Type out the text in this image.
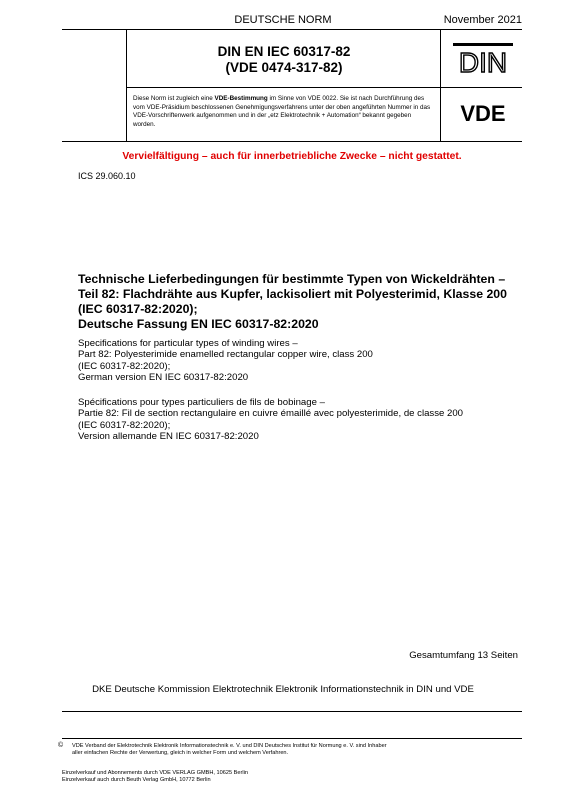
DEUTSCHE NORM	November 2021
DIN EN IEC 60317-82
(VDE 0474-317-82)	DIN
Diese Norm ist zugleich eine VDE-Bestimmung im Sinne von VDE 0022. Sie ist nach Durchführung des vom VDE-Präsidium beschlossenen Genehmigungsverfahrens unter der oben angeführten Nummer in das VDE-Vorschriftenwerk aufgenommen und in der „etz Elektrotechnik + Automation“ bekannt gegeben worden.	VDE
Vervielfältigung – auch für innerbetriebliche Zwecke – nicht gestattet.
ICS 29.060.10
Technische Lieferbedingungen für bestimmte Typen von Wickeldrähten –
Teil 82: Flachdrähte aus Kupfer, lackisoliert mit Polyesterimid, Klasse 200
(IEC 60317-82:2020);
Deutsche Fassung EN IEC 60317-82:2020
Specifications for particular types of winding wires –
Part 82: Polyesterimide enamelled rectangular copper wire, class 200
(IEC 60317-82:2020);
German version EN IEC 60317-82:2020
Spécifications pour types particuliers de fils de bobinage –
Partie 82: Fil de section rectangulaire en cuivre émaillé avec polyesterimide, de classe 200
(IEC 60317-82:2020);
Version allemande EN IEC 60317-82:2020
Gesamtumfang 13 Seiten
DKE Deutsche Kommission Elektrotechnik Elektronik Informationstechnik in DIN und VDE
© VDE Verband der Elektrotechnik Elektronik Informationstechnik e. V. und DIN Deutsches Institut für Normung e. V. sind Inhaber
aller einfachen Rechte der Verwertung, gleich in welcher Form und welchem Verfahren.
Einzelverkauf und Abonnements durch VDE VERLAG GMBH, 10625 Berlin
Einzelverkauf auch durch Beuth Verlag GmbH, 10772 Berlin
